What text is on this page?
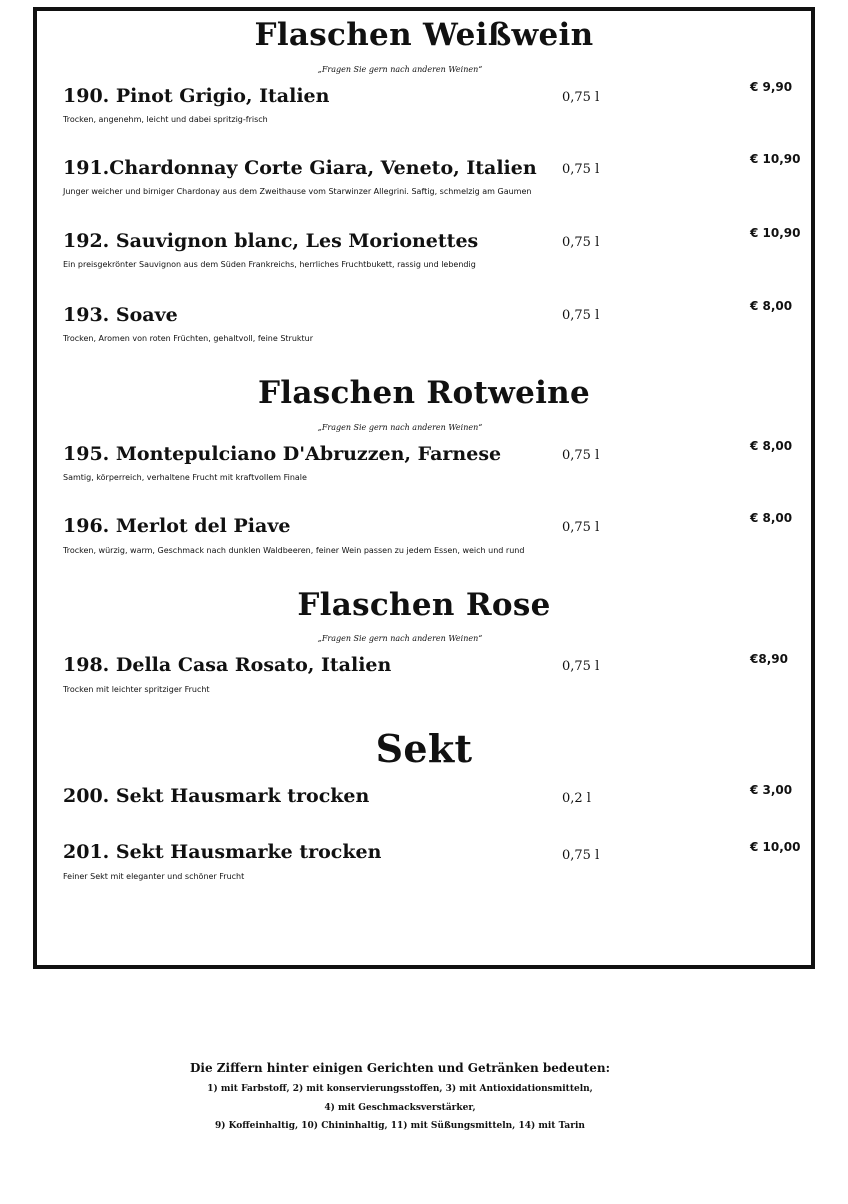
Flaschen Weißwein
„Fragen Sie gern nach anderen Weinen“
190. Pinot Grigio, Italien	0,75 l
€ 9,90
Trocken, angenehm, leicht und dabei spritzig-frisch
191.Chardonnay Corte Giara, Veneto, Italien 0,75 l
€ 10,90
Junger weicher und birniger Chardonay aus dem Zweithause vom Starwinzer Allegrini. Saftig, schmelzig am Gaumen
192. Sauvignon blanc, Les Morionettes	0,75 l
€ 10,90
Ein preisgekrönter Sauvignon aus dem Süden Frankreichs, herrliches Fruchtbukett, rassig und lebendig
193. Soave	0,75 l
€ 8,00
Trocken, Aromen von roten Früchten, gehaltvoll, feine Struktur
Flaschen Rotweine
„Fragen Sie gern nach anderen Weinen“
195. Montepulciano D'Abruzzen, Farnese	0,75 l
€ 8,00
Samtig, körperreich, verhaltene Frucht mit kraftvollem Finale
196. Merlot del Piave	0,75 l
€ 8,00
Trocken, würzig, warm, Geschmack nach dunklen Waldbeeren, feiner Wein passen zu jedem Essen, weich und rund
Flaschen Rose
„Fragen Sie gern nach anderen Weinen“
198. Della Casa Rosato, Italien	0,75 l	€8,90
Trocken mit leichter spritziger Frucht
Sekt
200. Sekt Hausmark trocken	0,2 l
€ 3,00
201. Sekt Hausmarke trocken	0,75 l
€ 10,00
Feiner Sekt mit eleganter und schöner Frucht
Die Ziffern hinter einigen Gerichten und Getränken bedeuten:
1) mit Farbstoff, 2) mit konservierungsstoffen, 3) mit Antioxidationsmitteln,
4) mit Geschmacksverstärker,
9) Koffeinhaltig, 10) Chininhaltig, 11) mit Süßungsmitteln, 14) mit Tarin
